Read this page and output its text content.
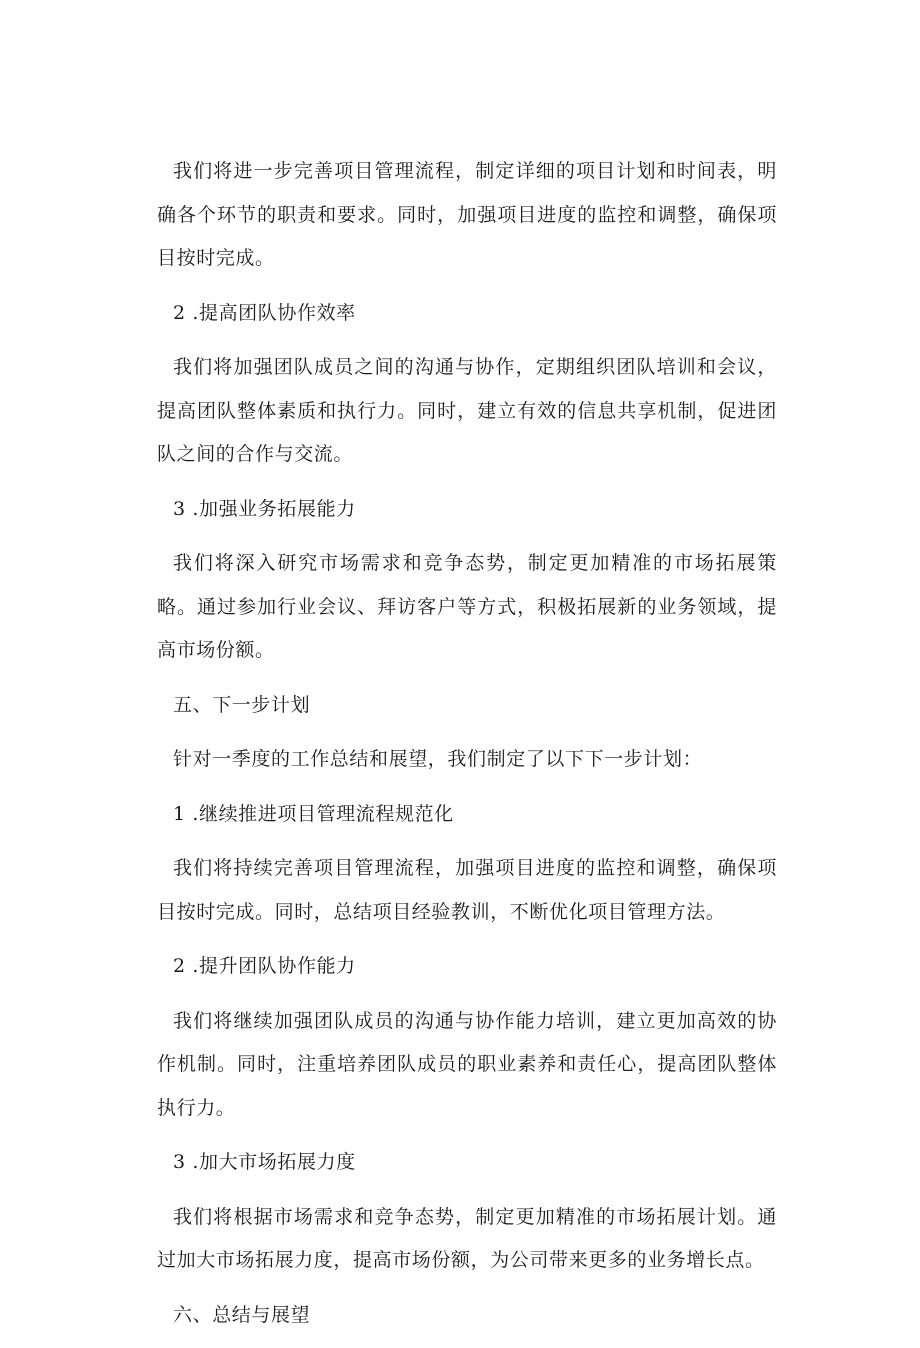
我们将进一步完善项目管理流程，制定详细的项目计划和时间表，明确各个环节的职责和要求。同时，加强项目进度的监控和调整，确保项目按时完成。

2 .提高团队协作效率

我们将加强团队成员之间的沟通与协作，定期组织团队培训和会议，提高团队整体素质和执行力。同时，建立有效的信息共享机制，促进团队之间的合作与交流。

3 .加强业务拓展能力

我们将深入研究市场需求和竞争态势，制定更加精准的市场拓展策略。通过参加行业会议、拜访客户等方式，积极拓展新的业务领域，提高市场份额。

五、下一步计划

针对一季度的工作总结和展望，我们制定了以下下一步计划：

1 .继续推进项目管理流程规范化

我们将持续完善项目管理流程，加强项目进度的监控和调整，确保项目按时完成。同时，总结项目经验教训，不断优化项目管理方法。

2 .提升团队协作能力

我们将继续加强团队成员的沟通与协作能力培训，建立更加高效的协作机制。同时，注重培养团队成员的职业素养和责任心，提高团队整体执行力。

3 .加大市场拓展力度

我们将根据市场需求和竞争态势，制定更加精准的市场拓展计划。通过加大市场拓展力度，提高市场份额，为公司带来更多的业务增长点。

六、总结与展望
